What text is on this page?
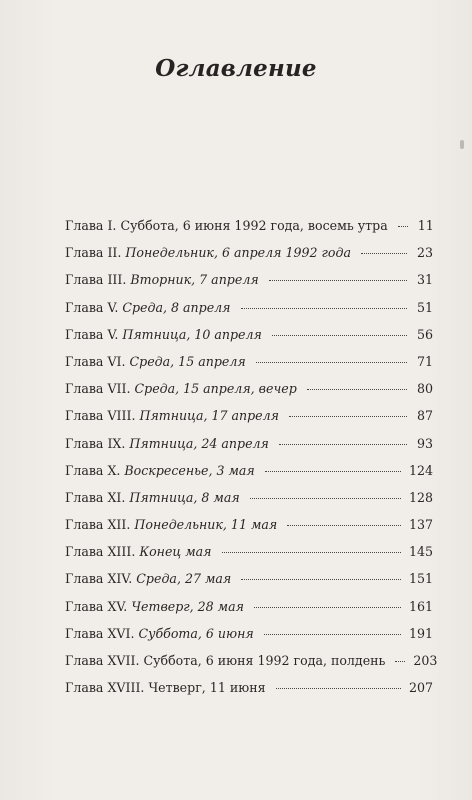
Оглавление
Глава I. Суббота, 6 июня 1992 года, восемь утра 11
Глава II. Понедельник, 6 апреля 1992 года	23
Глава III. Вторник, 7 апреля	31
Глава V. Среда, 8 апреля	51
Глава V. Пятница, 10 апреля	56
Глава VI. Среда, 15 апреля	71
Глава VII. Среда, 15 апреля, вечер	80
Глава VIII. Пятница, 17 апреля	87
Глава IX. Пятница, 24 апреля	93
Глава X. Воскресенье, 3 мая	124
Глава XI. Пятница, 8 мая	128
Глава XII. Понедельник, 11 мая	137
Глава XIII. Конец мая	145
Глава XIV. Среда, 27 мая	151
Глава XV. Четверг, 28 мая	161
Глава XVI. Суббота, 6 июня	191
Глава XVII. Суббота, 6 июня 1992 года, полдень 203
Глава XVIII. Четверг, 11 июня	207
